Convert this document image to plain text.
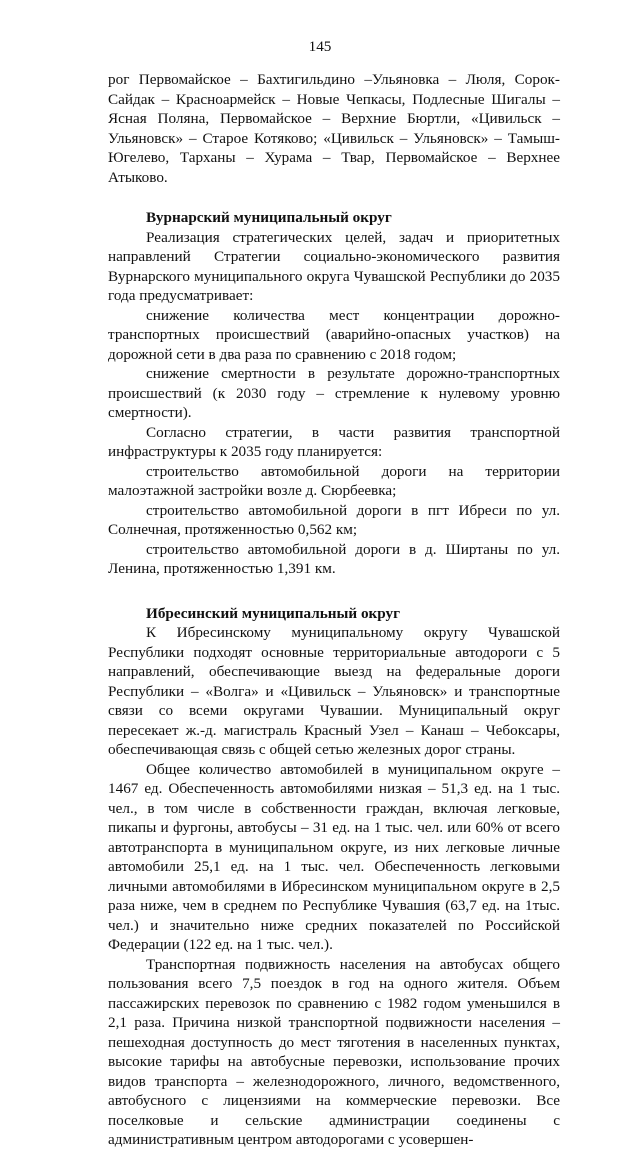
145

рог Первомайское – Бахтигильдино –Ульяновка – Люля, Сорок-Сайдак – Красноармейск – Новые Чепкасы, Подлесные Шигалы – Ясная Поляна, Первомайское – Верхние Бюртли, «Цивильск – Ульяновск» – Старое Котяково; «Цивильск – Ульяновск» – Тамыш-Югелево, Тарханы – Хурама – Твар, Первомайское – Верхнее Атыково.

Вурнарский муниципальный округ

Реализация стратегических целей, задач и приоритетных направлений Стратегии социально-экономического развития Вурнарского муниципального округа Чувашской Республики до 2035 года предусматривает:

снижение количества мест концентрации дорожно-транспортных происшествий (аварийно-опасных участков) на дорожной сети в два раза по сравнению с 2018 годом;

снижение смертности в результате дорожно-транспортных происшествий (к 2030 году – стремление к нулевому уровню смертности).

Согласно стратегии, в части развития транспортной инфраструктуры к 2035 году планируется:

строительство автомобильной дороги на территории малоэтажной застройки возле д. Сюрбеевка;

строительство автомобильной дороги в пгт Ибреси по ул. Солнечная, протяженностью 0,562 км;

строительство автомобильной дороги в д. Ширтаны по ул. Ленина, протяженностью 1,391 км.

Ибресинский муниципальный округ

К Ибресинскому муниципальному округу Чувашской Республики подходят основные территориальные автодороги с 5 направлений, обеспечивающие выезд на федеральные дороги Республики – «Волга» и «Цивильск – Ульяновск» и транспортные связи со всеми округами Чувашии. Муниципальный округ пересекает ж.-д. магистраль Красный Узел – Канаш – Чебоксары, обеспечивающая связь с общей сетью железных дорог страны.

Общее количество автомобилей в муниципальном округе – 1467 ед. Обеспеченность автомобилями низкая – 51,3 ед. на 1 тыс. чел., в том числе в собственности граждан, включая легковые, пикапы и фургоны, автобусы – 31 ед. на 1 тыс. чел. или 60% от всего автотранспорта в муниципальном округе, из них легковые личные автомобили 25,1 ед. на 1 тыс. чел. Обеспеченность легковыми личными автомобилями в Ибресинском муниципальном округе в 2,5 раза ниже, чем в среднем по Республике Чувашия (63,7 ед. на 1тыс. чел.) и значительно ниже средних показателей по Российской Федерации (122 ед. на 1 тыс. чел.).

Транспортная подвижность населения на автобусах общего пользования всего 7,5 поездок в год на одного жителя. Объем пассажирских перевозок по сравнению с 1982 годом уменьшился в 2,1 раза. Причина низкой транспортной подвижности населения – пешеходная доступность до мест тяготения в населенных пунктах, высокие тарифы на автобусные перевозки, использование прочих видов транспорта – железнодорожного, личного, ведомственного, автобусного с лицензиями на коммерческие перевозки. Все поселковые и сельские администрации соединены с административным центром автодорогами с усовершен-
